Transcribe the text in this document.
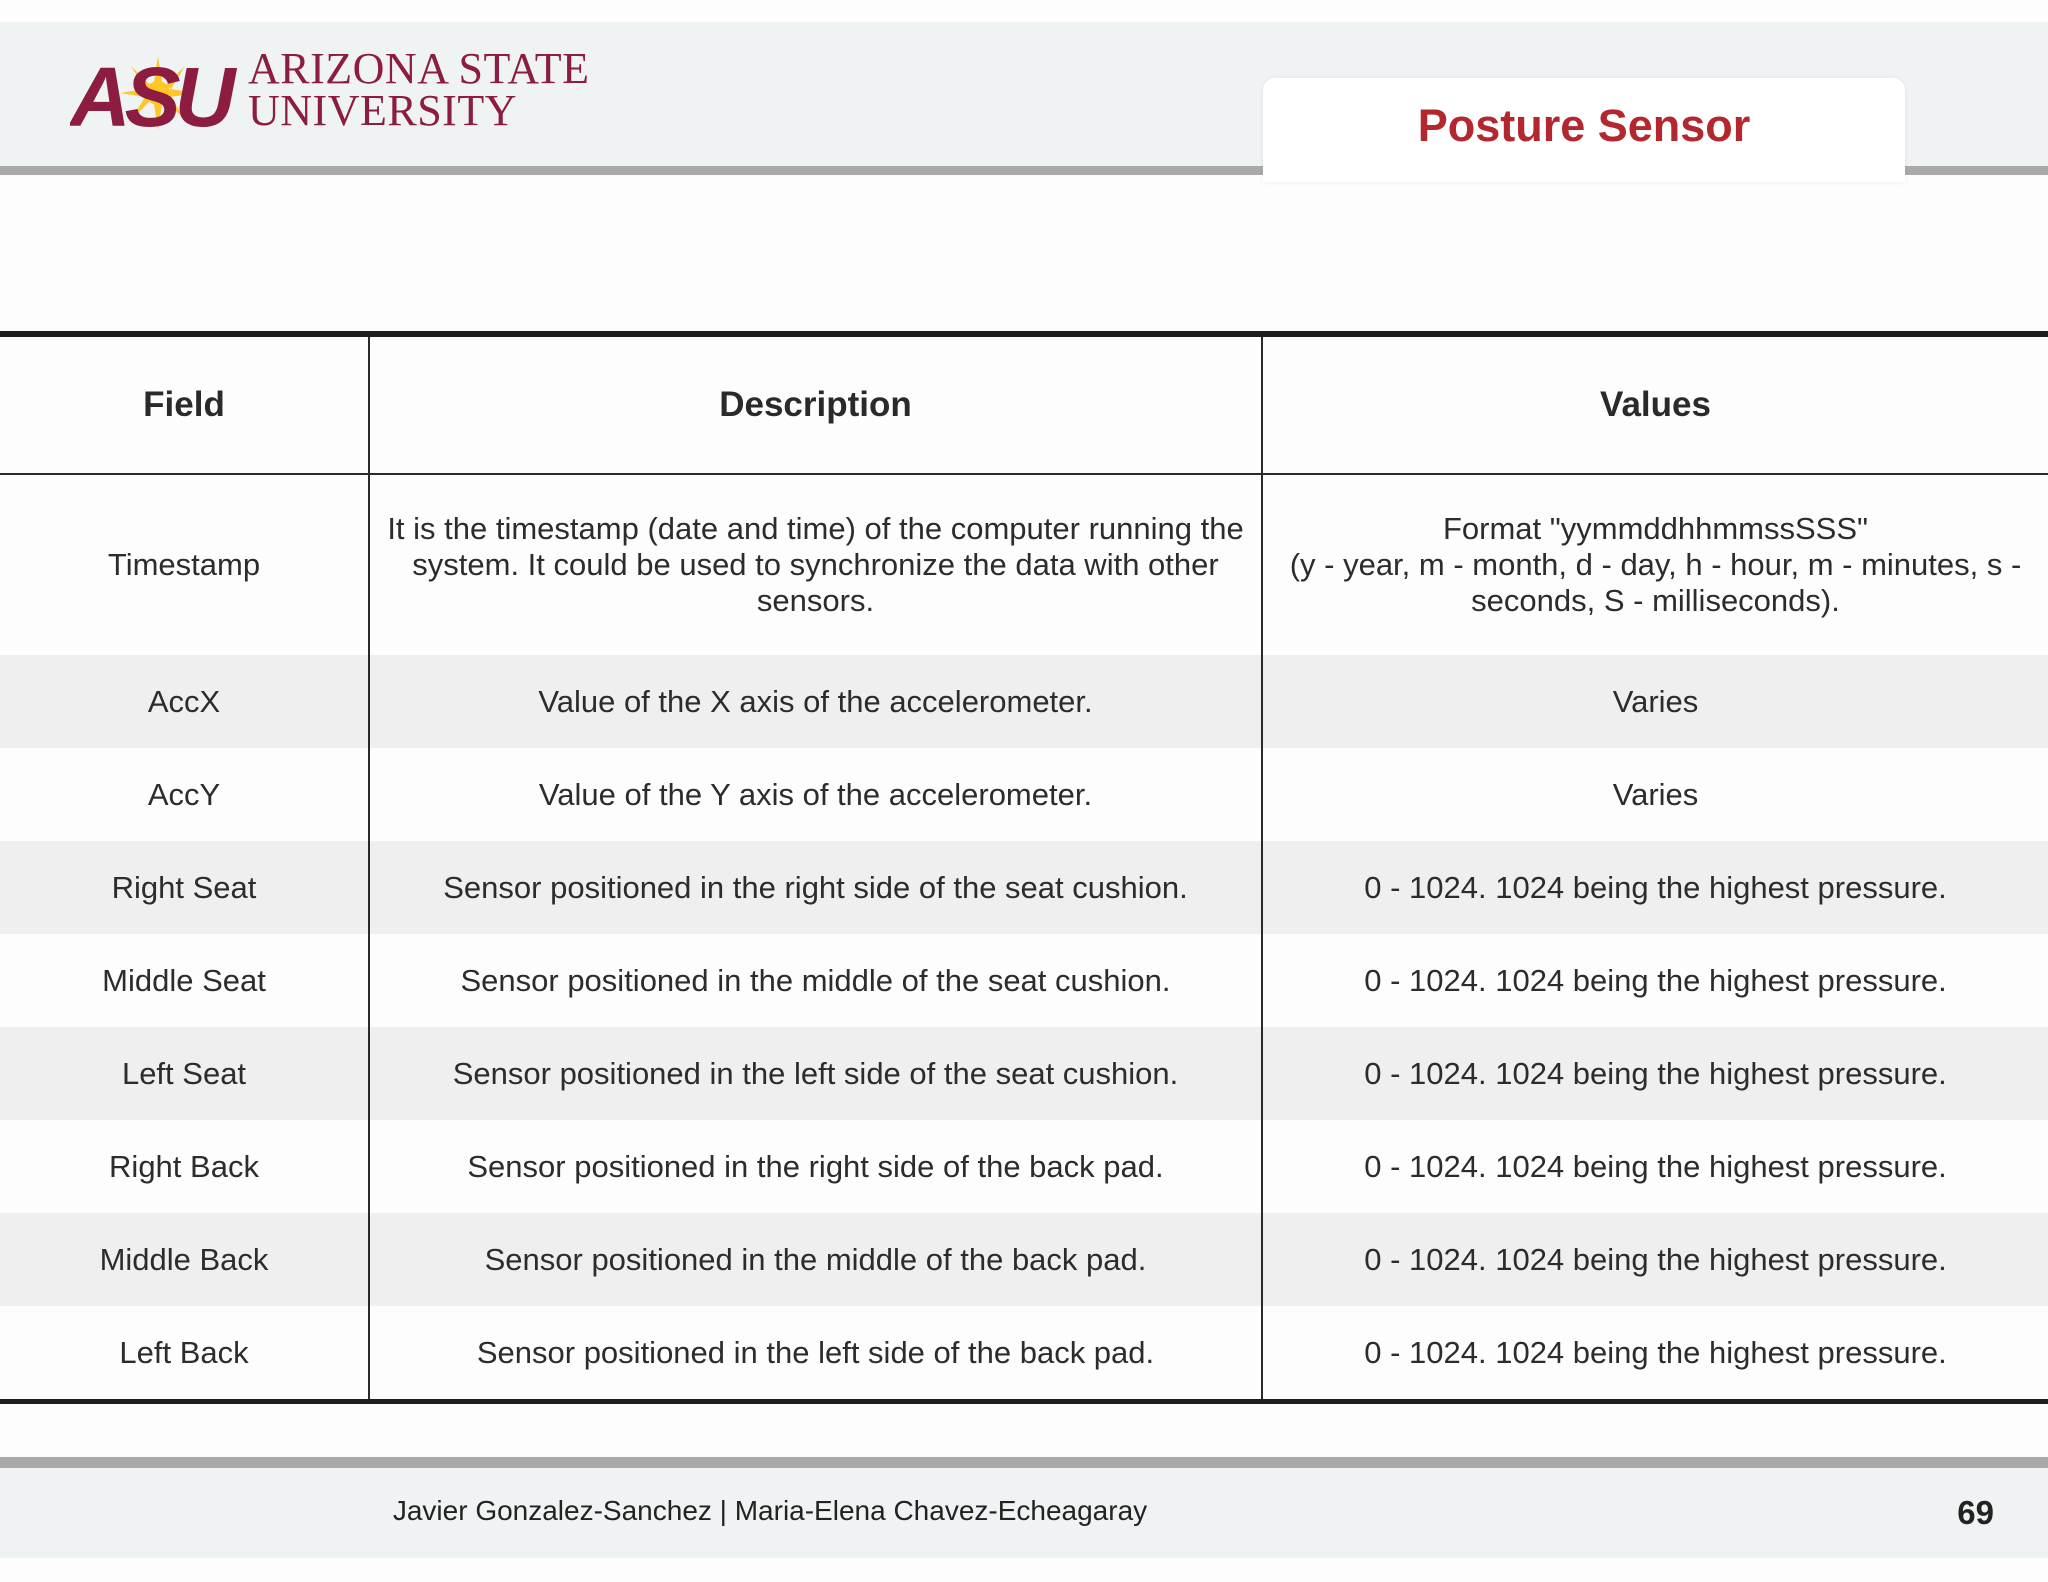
ASU ARIZONA STATE
UNIVERSITY	Posture Sensor
Field	Description	Values
Timestamp	It is the timestamp (date and time) of the computer running the system. It could be used to synchronize the data with other sensors.	Format "yymmddhhmmssSSS"
(y - year, m - month, d - day, h - hour, m - minutes, s - seconds, S - milliseconds).
AccX	Value of the X axis of the accelerometer.	Varies
AccY	Value of the Y axis of the accelerometer.	Varies
Right Seat	Sensor positioned in the right side of the seat cushion.	0 - 1024. 1024 being the highest pressure.
Middle Seat	Sensor positioned in the middle of the seat cushion.	0 - 1024. 1024 being the highest pressure.
Left Seat	Sensor positioned in the left side of the seat cushion.	0 - 1024. 1024 being the highest pressure.
Right Back	Sensor positioned in the right side of the back pad.	0 - 1024. 1024 being the highest pressure.
Middle Back	Sensor positioned in the middle of the back pad.	0 - 1024. 1024 being the highest pressure.
Left Back	Sensor positioned in the left side of the back pad.	0 - 1024. 1024 being the highest pressure.
Javier Gonzalez-Sanchez | Maria-Elena Chavez-Echeagaray	69
